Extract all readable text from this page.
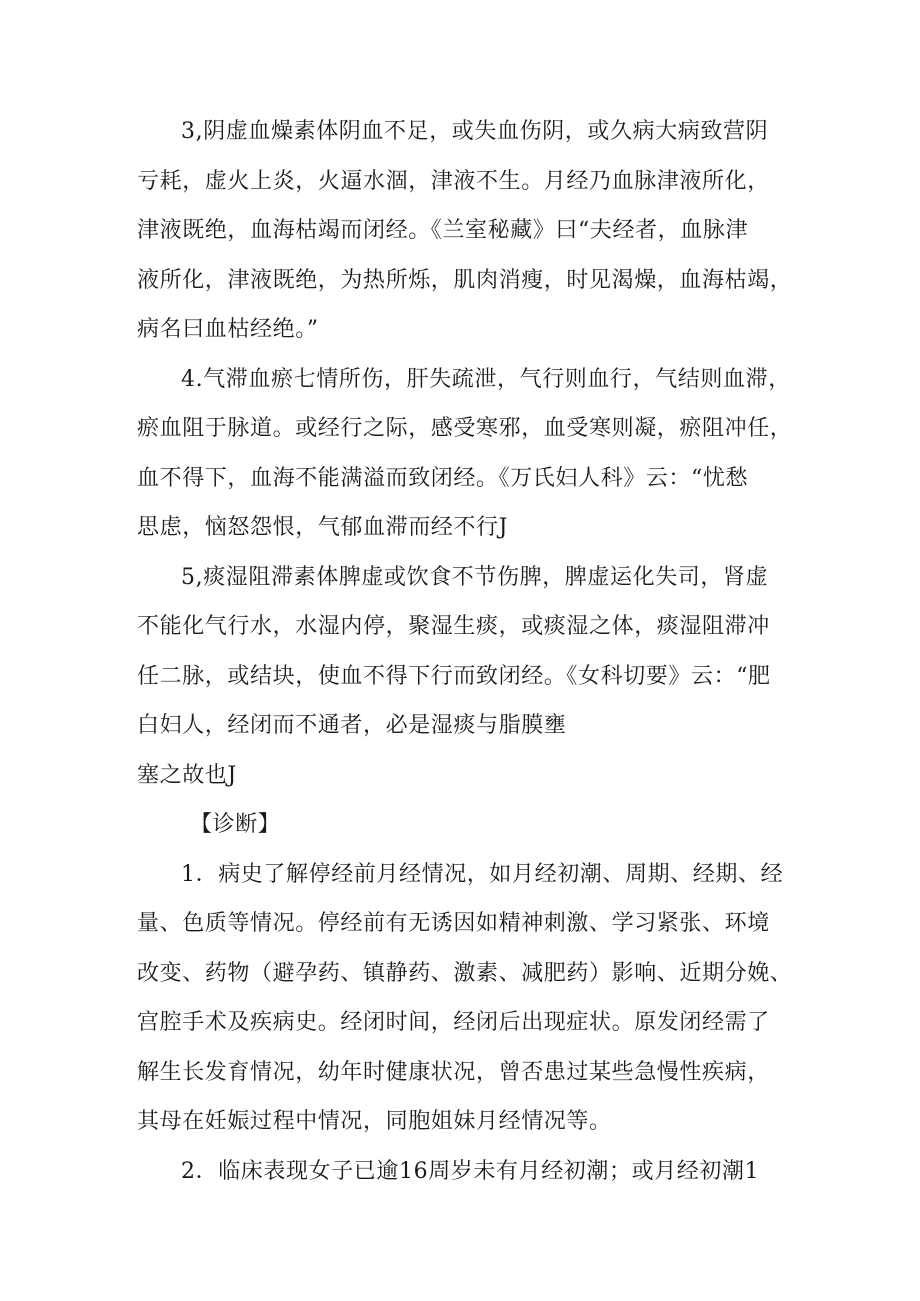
3,阴虚血燥素体阴血不足，或失血伤阴，或久病大病致营阴
亏耗，虚火上炎，火逼水涸，津液不生。月经乃血脉津液所化，
津液既绝，血海枯竭而闭经。《兰室秘藏》曰“夫经者，血脉津
液所化，津液既绝，为热所烁，肌肉消瘦，时见渴燥，血海枯竭，
病名曰血枯经绝。”
4.气滞血瘀七情所伤，肝失疏泄，气行则血行，气结则血滞，
瘀血阻于脉道。或经行之际，感受寒邪，血受寒则凝，瘀阻冲任，
血不得下，血海不能满溢而致闭经。《万氏妇人科》云：“忧愁
思虑，恼怒怨恨，气郁血滞而经不行J
5,痰湿阻滞素体脾虚或饮食不节伤脾，脾虚运化失司，肾虚
不能化气行水，水湿内停，聚湿生痰，或痰湿之体，痰湿阻滞冲
任二脉，或结块，使血不得下行而致闭经。《女科切要》云：“肥
白妇人，经闭而不通者，必是湿痰与脂膜壅
塞之故也J
【诊断】
1．病史了解停经前月经情况，如月经初潮、周期、经期、经
量、色质等情况。停经前有无诱因如精神刺激、学习紧张、环境
改变、药物（避孕药、镇静药、激素、减肥药）影响、近期分娩、
宫腔手术及疾病史。经闭时间，经闭后出现症状。原发闭经需了
解生长发育情况，幼年时健康状况，曾否患过某些急慢性疾病，
其母在妊娠过程中情况，同胞姐妹月经情况等。
2．临床表现女子已逾16周岁未有月经初潮；或月经初潮1
